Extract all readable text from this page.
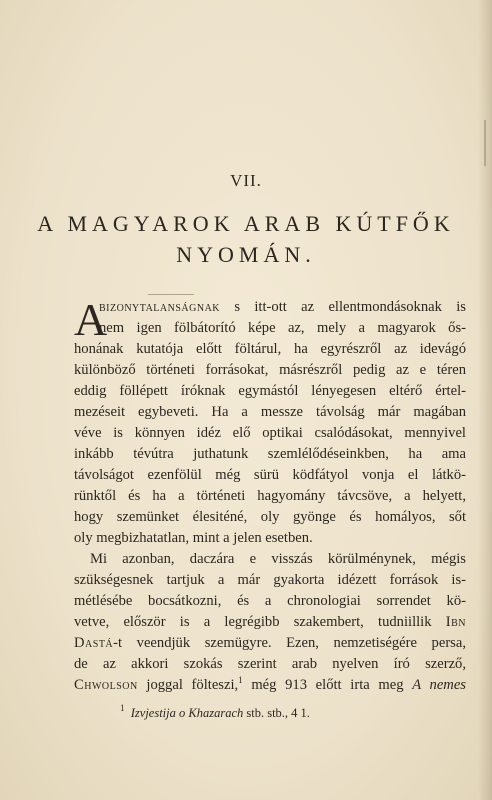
VII.
A MAGYAROK ARAB KÚTFŐK
NYOMÁN.
A
bizonytalanságnak s itt-ott az ellentmondásoknak is
nem igen fölbátorító képe az, mely a magyarok ős-
honának kutatója előtt föltárul, ha egyrészről az idevágó
különböző történeti forrásokat, másrészről pedig az e téren
eddig föllépett íróknak egymástól lényegesen eltérő értel-
mezéseit egybeveti. Ha a messze távolság már magában
véve is könnyen idéz elő optikai csalódásokat, mennyivel
inkább tévútra juthatunk szemlélődéseinkben, ha ama
távolságot ezenfölül még sürü ködfátyol vonja el látkö-
rünktől és ha a történeti hagyomány távcsöve, a helyett,
hogy szemünket élesiténé, oly gyönge és homályos, sőt
oly megbizhatatlan, mint a jelen esetben.
Mi azonban, daczára e visszás körülménynek, mégis
szükségesnek tartjuk a már gyakorta idézett források is-
métlésébe bocsátkozni, és a chronologiai sorrendet kö-
vetve, először is a legrégibb szakembert, tudniillik Ibn
Dastá-t veendjük szemügyre. Ezen, nemzetiségére persa,
de az akkori szokás szerint arab nyelven író szerző,
Chwolson joggal fölteszi,$^1$ még 913 előtt irta meg A nemes
$^1$ Izvjestija o Khazarach stb. stb., 4 1.
